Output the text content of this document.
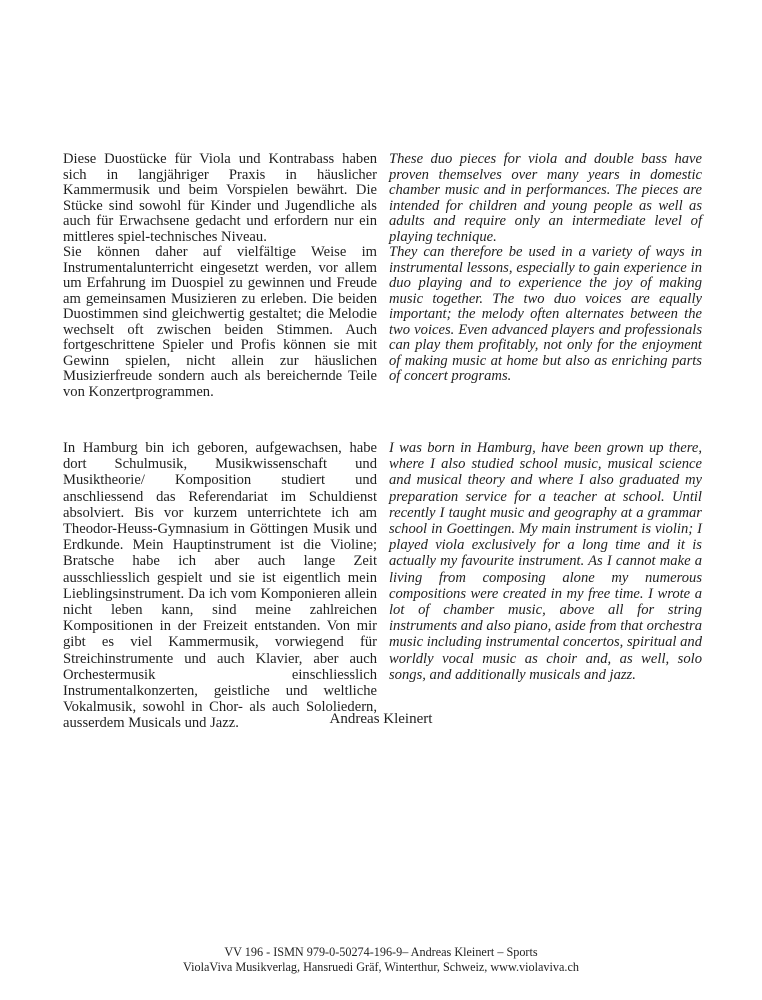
Diese Duostücke für Viola und Kontrabass haben sich in langjähriger Praxis in häuslicher Kammermusik und beim Vorspielen bewährt. Die Stücke sind sowohl für Kinder und Jugendliche als auch für Erwachsene gedacht und erfordern nur ein mittleres spiel-technisches Niveau.

Sie können daher auf vielfältige Weise im Instrumentalunterricht eingesetzt werden, vor allem um Erfahrung im Duospiel zu gewinnen und Freude am gemeinsamen Musizieren zu erleben. Die beiden Duostimmen sind gleichwertig gestaltet; die Melodie wechselt oft zwischen beiden Stimmen. Auch fortgeschrittene Spieler und Profis können sie mit Gewinn spielen, nicht allein zur häuslichen Musizierfreude sondern auch als bereichernde Teile von Konzertprogrammen.

These duo pieces for viola and double bass have proven themselves over many years in domestic chamber music and in performances. The pieces are intended for children and young people as well as adults and require only an intermediate level of playing technique.

They can therefore be used in a variety of ways in instrumental lessons, especially to gain experience in duo playing and to experience the joy of making music together. The two duo voices are equally important; the melody often alternates between the two voices. Even advanced players and professionals can play them profitably, not only for the enjoyment of making music at home but also as enriching parts of concert programs.

In Hamburg bin ich geboren, aufgewachsen, habe dort Schulmusik, Musikwissenschaft und Musiktheorie/ Komposition studiert und anschliessend das Referendariat im Schuldienst absolviert. Bis vor kurzem unterrichtete ich am Theodor-Heuss-Gymnasium in Göttingen Musik und Erdkunde. Mein Hauptinstrument ist die Violine; Bratsche habe ich aber auch lange Zeit ausschliesslich gespielt und sie ist eigentlich mein Lieblingsinstrument. Da ich vom Komponieren allein nicht leben kann, sind meine zahlreichen Kompositionen in der Freizeit entstanden. Von mir gibt es viel Kammermusik, vorwiegend für Streichinstrumente und auch Klavier, aber auch Orchestermusik einschliesslich Instrumentalkonzerten, geistliche und weltliche Vokalmusik, sowohl in Chor- als auch Sololiedern, ausserdem Musicals und Jazz.

I was born in Hamburg, have been grown up there, where I also studied school music, musical science and musical theory and where I also graduated my preparation service for a teacher at school. Until recently I taught music and geography at a grammar school in Goettingen. My main instrument is violin; I played viola exclusively for a long time and it is actually my favourite instrument. As I cannot make a living from composing alone my numerous compositions were created in my free time. I wrote a lot of chamber music, above all for string instruments and also piano, aside from that orchestra music including instrumental concertos, spiritual and worldly vocal music as choir and, as well, solo songs, and additionally musicals and jazz.

Andreas Kleinert
VV 196 - ISMN 979-0-50274-196-9– Andreas Kleinert – Sports
ViolaViva Musikverlag, Hansruedi Gräf, Winterthur, Schweiz, www.violaviva.ch
